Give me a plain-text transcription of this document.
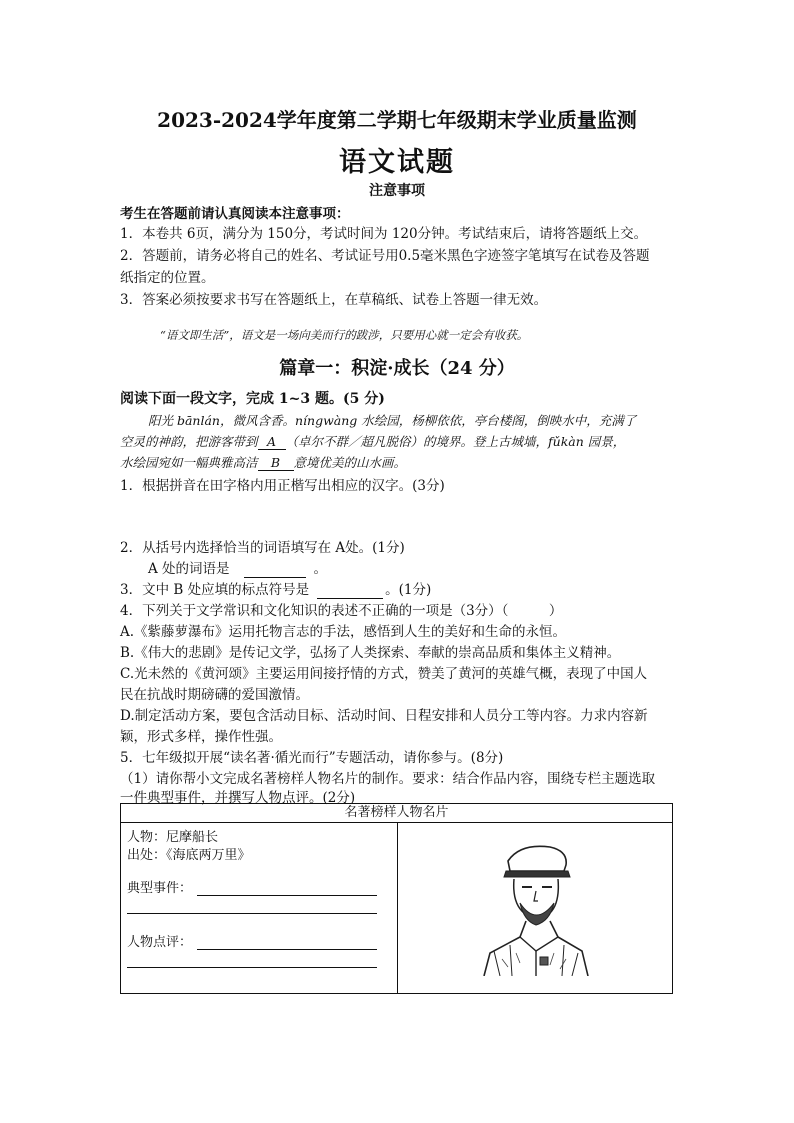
2023-2024学年度第二学期七年级期末学业质量监测
语文试题
注意事项
考生在答题前请认真阅读本注意事项：
1．本卷共 6页，满分为 150分，考试时间为 120分钟。考试结束后，请将答题纸上交。
2．答题前，请务必将自己的姓名、考试证号用0.5毫米黑色字迹签字笔填写在试卷及答题
纸指定的位置。
3．答案必须按要求书写在答题纸上，在草稿纸、试卷上答题一律无效。
“语文即生活”，语文是一场向美而行的跋涉，只要用心就一定会有收获。
篇章一：积淀·成长（24 分）
阅读下面一段文字，完成 1~3 题。(5 分)
阳光 bānlán，微风含香。níngwàng 水绘园，杨柳依依，亭台楼阁，倒映水中，充满了
空灵的神韵，把游客带到 A （卓尔不群／超凡脱俗）的境界。登上古城墙，fǔkàn 园景，
水绘园宛如一幅典雅高洁 B 意境优美的山水画。
1．根据拼音在田字格内用正楷写出相应的汉字。(3分)
2．从括号内选择恰当的词语填写在 A处。(1分)
A 处的词语是	。
3．文中 B 处应填的标点符号是	。(1分)
4．下列关于文学常识和文化知识的表述不正确的一项是（3分）（　　　）
A.《紫藤萝瀑布》运用托物言志的手法，感悟到人生的美好和生命的永恒。
B.《伟大的悲剧》是传记文学，弘扬了人类探索、奉献的崇高品质和集体主义精神。
C.光未然的《黄河颂》主要运用间接抒情的方式，赞美了黄河的英雄气概，表现了中国人
民在抗战时期磅礴的爱国激情。
D.制定活动方案，要包含活动目标、活动时间、日程安排和人员分工等内容。力求内容新
颖，形式多样，操作性强。
5．七年级拟开展“读名著·循光而行”专题活动，请你参与。(8分)
（1）请你帮小文完成名著榜样人物名片的制作。要求：结合作品内容，围绕专栏主题选取
一件典型事件，并撰写人物点评。(2分)
名著榜样人物名片

人物：尼摩船长
出处：《海底两万里》
典型事件：
人物点评：
